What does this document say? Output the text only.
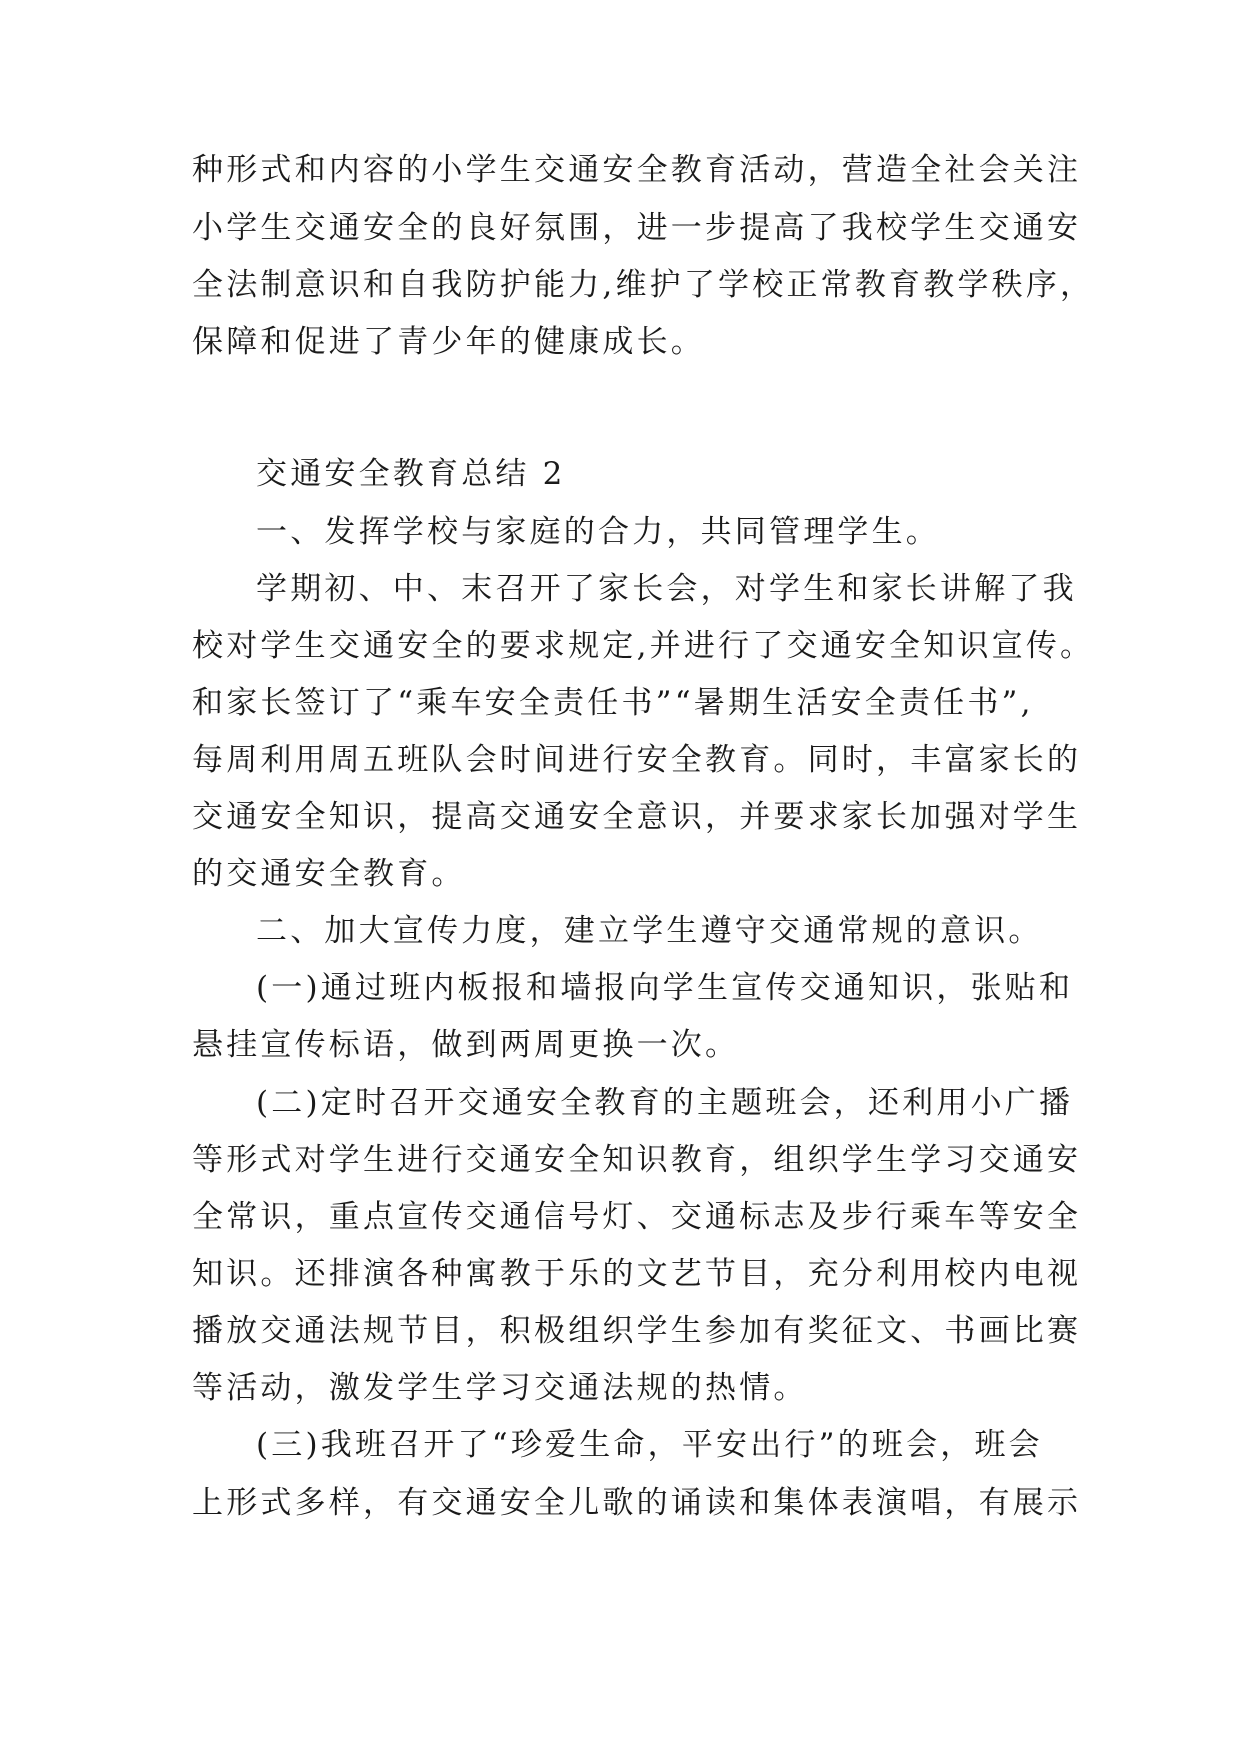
种形式和内容的小学生交通安全教育活动，营造全社会关注
小学生交通安全的良好氛围，进一步提高了我校学生交通安
全法制意识和自我防护能力,维护了学校正常教育教学秩序，
保障和促进了青少年的健康成长。
交通安全教育总结 2
一、发挥学校与家庭的合力，共同管理学生。
学期初、中、末召开了家长会，对学生和家长讲解了我
校对学生交通安全的要求规定,并进行了交通安全知识宣传。
和家长签订了“乘车安全责任书”“暑期生活安全责任书”,
每周利用周五班队会时间进行安全教育。同时，丰富家长的
交通安全知识，提高交通安全意识，并要求家长加强对学生
的交通安全教育。
二、加大宣传力度，建立学生遵守交通常规的意识。
(一)通过班内板报和墙报向学生宣传交通知识，张贴和
悬挂宣传标语，做到两周更换一次。
(二)定时召开交通安全教育的主题班会，还利用小广播
等形式对学生进行交通安全知识教育，组织学生学习交通安
全常识，重点宣传交通信号灯、交通标志及步行乘车等安全
知识。还排演各种寓教于乐的文艺节目，充分利用校内电视
播放交通法规节目，积极组织学生参加有奖征文、书画比赛
等活动，激发学生学习交通法规的热情。
(三)我班召开了“珍爱生命，平安出行”的班会，班会
上形式多样，有交通安全儿歌的诵读和集体表演唱，有展示
